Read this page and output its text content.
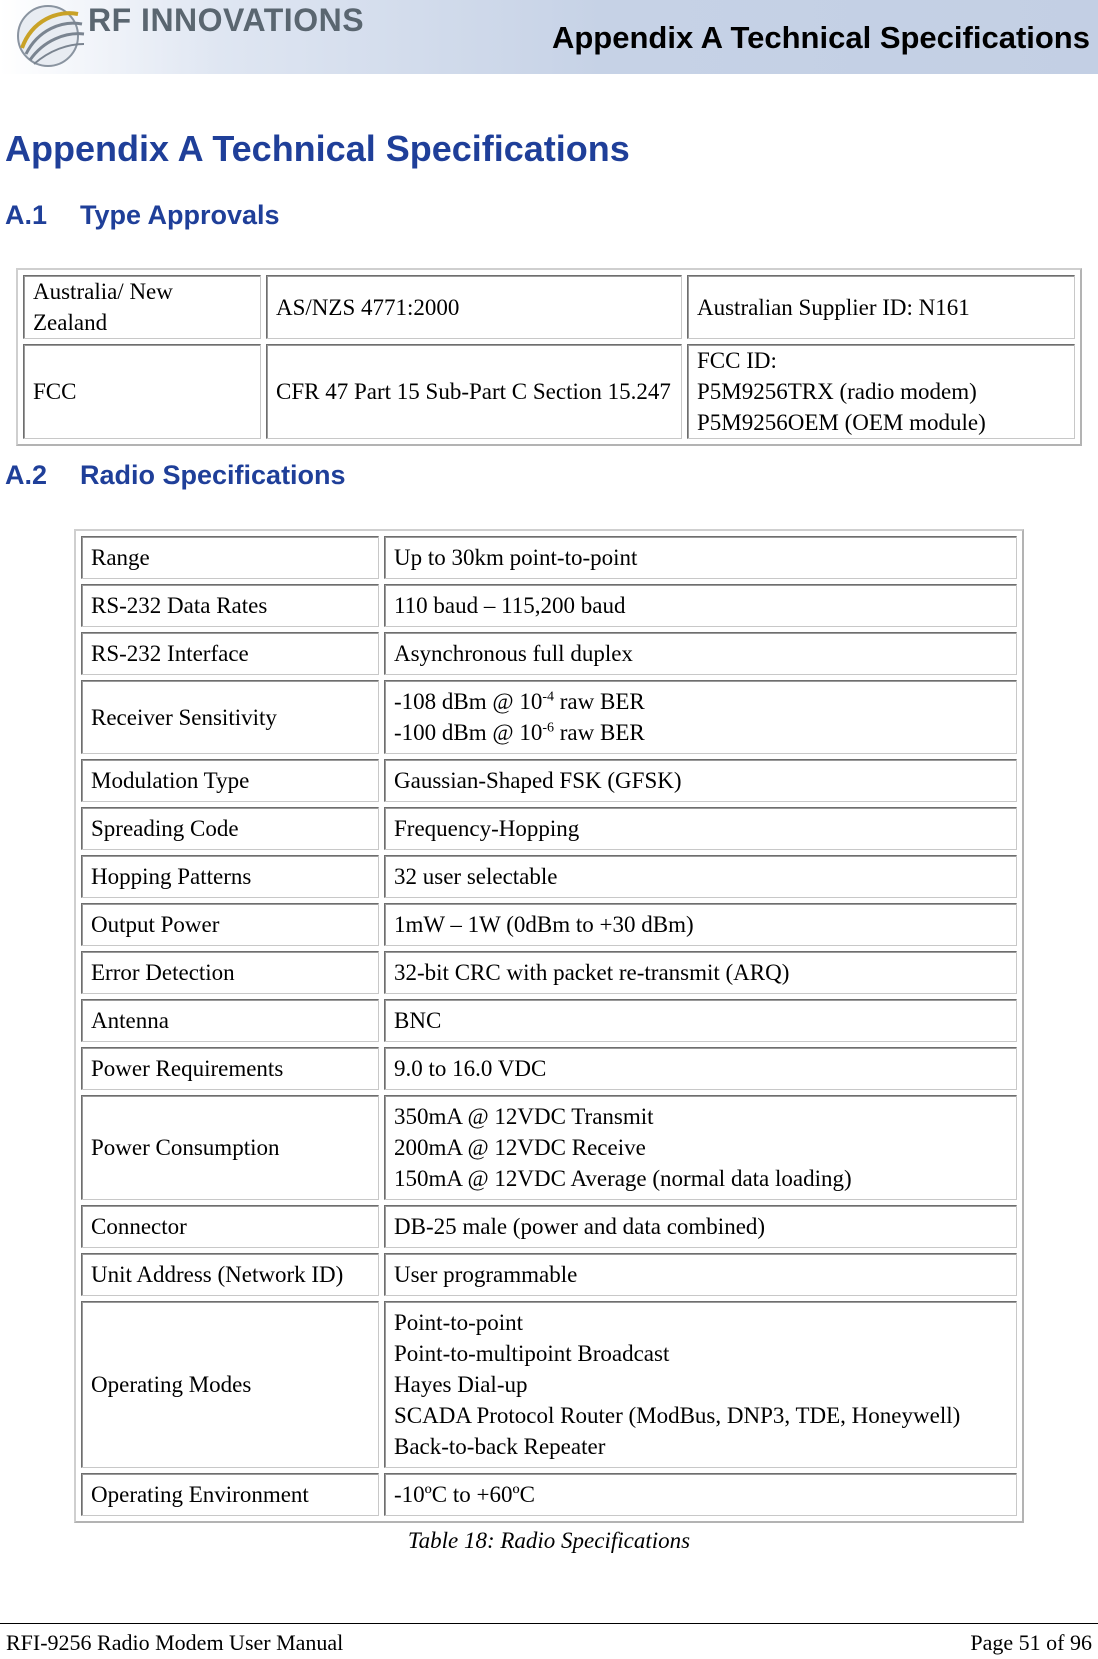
RF INNOVATIONS	Appendix A Technical Specifications
Appendix A Technical Specifications
A.1 Type Approvals
Australia/ New Zealand	AS/NZS 4771:2000	Australian Supplier ID: N161

FCC	CFR 47 Part 15 Sub-Part C Section 15.247	FCC ID:
P5M9256TRX (radio modem)
P5M9256OEM (OEM module)
A.2 Radio Specifications
Range	Up to 30km point-to-point

RS-232 Data Rates	110 baud – 115,200 baud

RS-232 Interface	Asynchronous full duplex

Receiver Sensitivity	-108 dBm @ $10^{-4}$ raw BER
-100 dBm @ $10^{-6}$ raw BER

Modulation Type	Gaussian-Shaped FSK (GFSK)

Spreading Code	Frequency-Hopping

Hopping Patterns	32 user selectable

Output Power	1mW – 1W (0dBm to +30 dBm)

Error Detection	32-bit CRC with packet re-transmit (ARQ)

Antenna	BNC

Power Requirements	9.0 to 16.0 VDC

Power Consumption	350mA @ 12VDC Transmit
200mA @ 12VDC Receive
150mA @ 12VDC Average (normal data loading)

Connector	DB-25 male (power and data combined)

Unit Address (Network ID)	User programmable

Operating Modes	Point-to-point
Point-to-multipoint Broadcast
Hayes Dial-up
SCADA Protocol Router (ModBus, DNP3, TDE, Honeywell)
Back-to-back Repeater

Operating Environment	-10ºC to +60ºC
Table 18: Radio Specifications
RFI-9256 Radio Modem User Manual	Page 51 of 96
